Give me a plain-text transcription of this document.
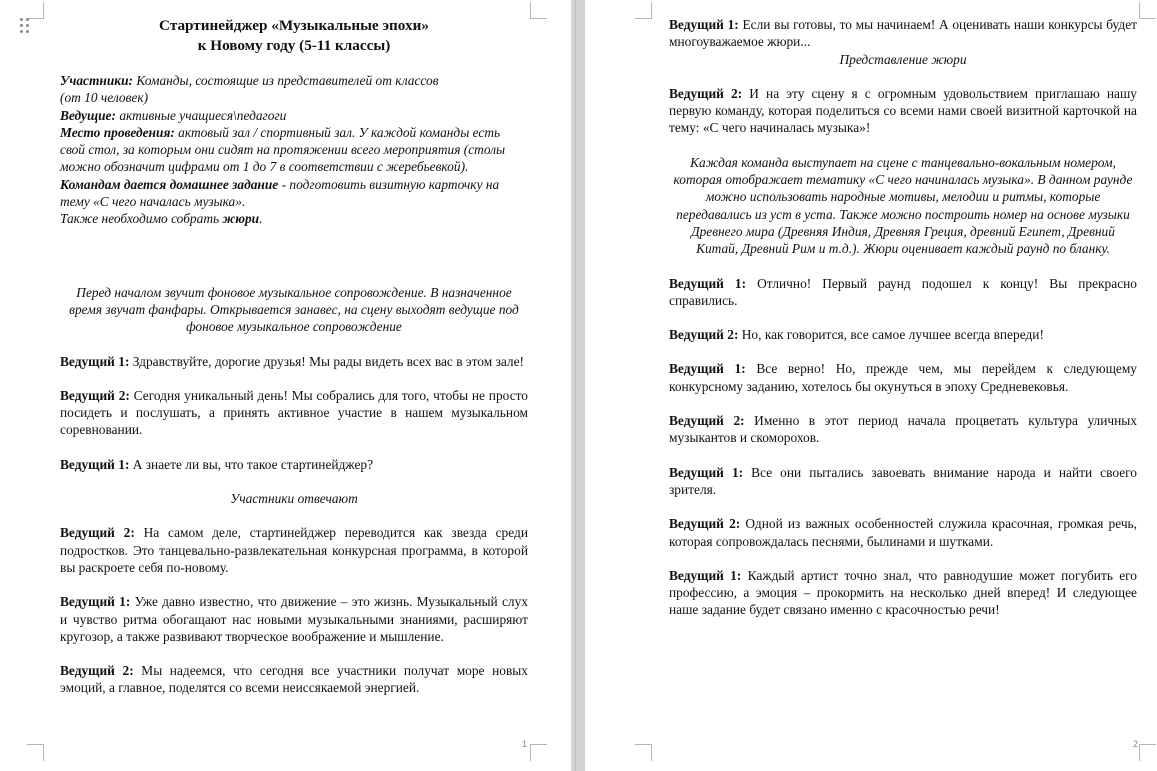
Стартинейджер «Музыкальные эпохи»
к Новому году (5-11 классы)

Участники: Команды, состоящие из представителей от классов
(от 10 человек)

Ведущие: активные учащиеся\педагоги

Место проведения: актовый зал / спортивный зал. У каждой команды есть свой стол, за которым они сидят на протяжении всего мероприятия (столы можно обозначит цифрами от 1 до 7 в соответствии с жеребьевкой).

Командам дается домашнее задание - подготовить визитную карточку на тему «С чего началась музыка».

Также необходимо собрать жюри.

Перед началом звучит фоновое музыкальное сопровождение. В назначенное время звучат фанфары. Открывается занавес, на сцену выходят ведущие под фоновое музыкальное сопровождение

Ведущий 1: Здравствуйте, дорогие друзья! Мы рады видеть всех вас в этом зале!

Ведущий 2: Сегодня уникальный день! Мы собрались для того, чтобы не просто посидеть и послушать, а принять активное участие в нашем музыкальном соревновании.

Ведущий 1: А знаете ли вы, что такое стартинейджер?

Участники отвечают

Ведущий 2: На самом деле, стартинейджер переводится как звезда среди подростков. Это танцевально-развлекательная конкурсная программа, в которой вы раскроете себя по-новому.

Ведущий 1: Уже давно известно, что движение – это жизнь. Музыкальный слух и чувство ритма обогащают нас новыми музыкальными знаниями, расширяют кругозор, а также развивают творческое воображение и мышление.

Ведущий 2: Мы надеемся, что сегодня все участники получат море новых эмоций, а главное, поделятся со всеми неиссякаемой энергией.

1

Ведущий 1: Если вы готовы, то мы начинаем! А оценивать наши конкурсы будет многоуважаемое жюри...
Представление жюри

Ведущий 2: И на эту сцену я с огромным удовольствием приглашаю нашу первую команду, которая поделиться со всеми нами своей визитной карточкой на тему: «С чего начиналась музыка»!

Каждая команда выступает на сцене с танцевально-вокальным номером, которая отображает тематику «С чего начиналась музыка». В данном раунде можно использовать народные мотивы, мелодии и ритмы, которые передавались из уст в уста. Также можно построить номер на основе музыки Древнего мира (Древняя Индия, Древняя Греция, древний Египет, Древний Китай, Древний Рим и т.д.). Жюри оценивает каждый раунд по бланку.

Ведущий 1: Отлично! Первый раунд подошел к концу! Вы прекрасно справились.

Ведущий 2: Но, как говорится, все самое лучшее всегда впереди!

Ведущий 1: Все верно! Но, прежде чем, мы перейдем к следующему конкурсному заданию, хотелось бы окунуться в эпоху Средневековья.

Ведущий 2: Именно в этот период начала процветать культура уличных музыкантов и скоморохов.

Ведущий 1: Все они пытались завоевать внимание народа и найти своего зрителя.

Ведущий 2: Одной из важных особенностей служила красочная, громкая речь, которая сопровождалась песнями, былинами и шутками.

Ведущий 1: Каждый артист точно знал, что равнодушие может погубить его профессию, а эмоция – прокормить на несколько дней вперед! И следующее наше задание будет связано именно с красочностью речи!

2
